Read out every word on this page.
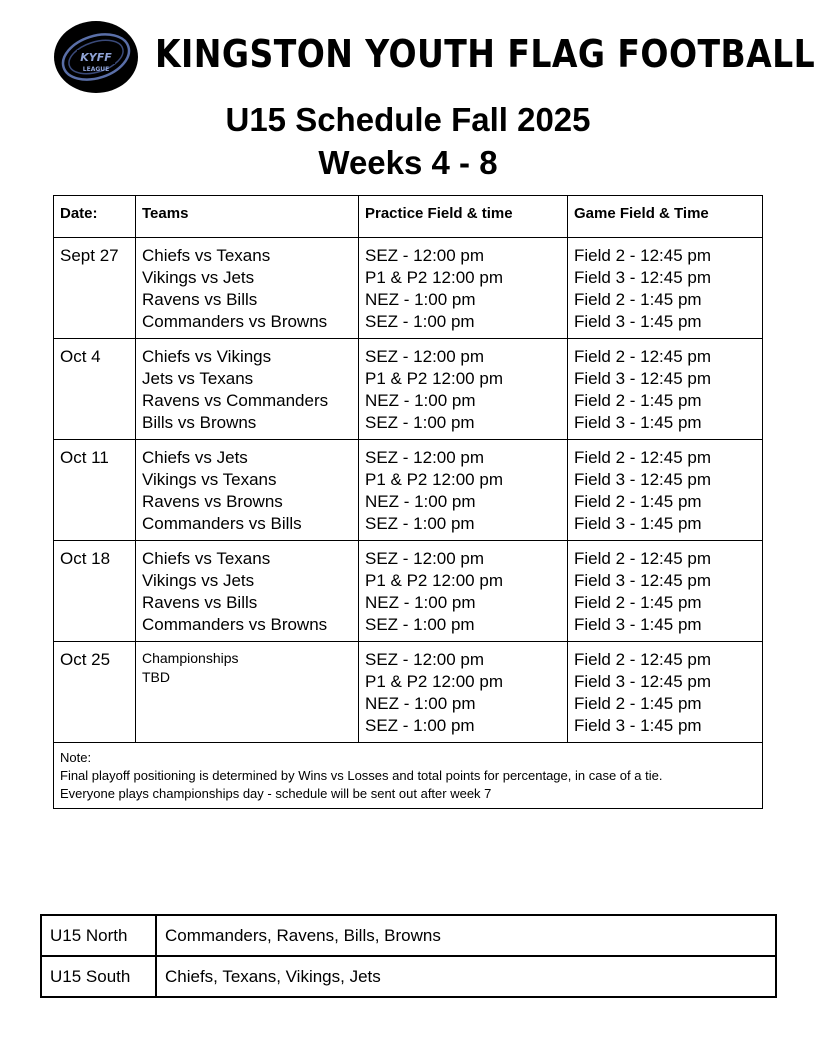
KYFF
LEAGUE KINGSTON YOUTH FLAG FOOTBALL
U15 Schedule Fall 2025
Weeks 4 - 8
Date:	Teams	Practice Field & time	Game Field & Time
Sept 27	Chiefs vs Texans
Vikings vs Jets
Ravens vs Bills
Commanders vs Browns	SEZ - 12:00 pm
P1 & P2 12:00 pm
NEZ - 1:00 pm
SEZ - 1:00 pm	Field 2 - 12:45 pm
Field 3 - 12:45 pm
Field 2 - 1:45 pm
Field 3 - 1:45 pm

Oct 4	Chiefs vs Vikings
Jets vs Texans
Ravens vs Commanders
Bills vs Browns	SEZ - 12:00 pm
P1 & P2 12:00 pm
NEZ - 1:00 pm
SEZ - 1:00 pm	Field 2 - 12:45 pm
Field 3 - 12:45 pm
Field 2 - 1:45 pm
Field 3 - 1:45 pm

Oct 11	Chiefs vs Jets
Vikings vs Texans
Ravens vs Browns
Commanders vs Bills	SEZ - 12:00 pm
P1 & P2 12:00 pm
NEZ - 1:00 pm
SEZ - 1:00 pm	Field 2 - 12:45 pm
Field 3 - 12:45 pm
Field 2 - 1:45 pm
Field 3 - 1:45 pm

Oct 18	Chiefs vs Texans
Vikings vs Jets
Ravens vs Bills
Commanders vs Browns	SEZ - 12:00 pm
P1 & P2 12:00 pm
NEZ - 1:00 pm
SEZ - 1:00 pm	Field 2 - 12:45 pm
Field 3 - 12:45 pm
Field 2 - 1:45 pm
Field 3 - 1:45 pm

Oct 25	Championships
TBD	SEZ - 12:00 pm
P1 & P2 12:00 pm
NEZ - 1:00 pm
SEZ - 1:00 pm	Field 2 - 12:45 pm
Field 3 - 12:45 pm
Field 2 - 1:45 pm
Field 3 - 1:45 pm

Note:
Final playoff positioning is determined by Wins vs Losses and total points for percentage, in case of a tie.
Everyone plays championships day - schedule will be sent out after week 7			
U15 North	Commanders, Ravens, Bills, Browns
U15 South	Chiefs, Texans, Vikings, Jets
